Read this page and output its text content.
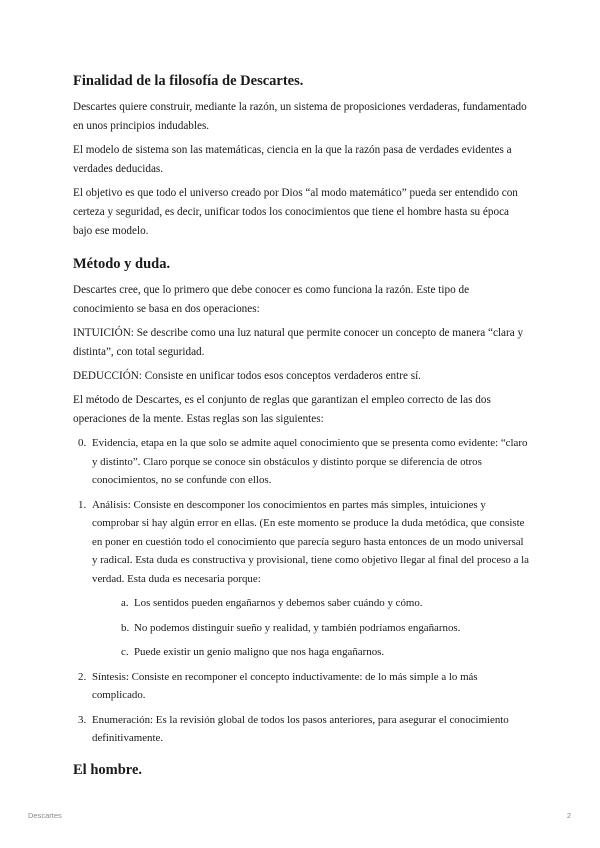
Finalidad de la filosofía de Descartes.

Descartes quiere construir, mediante la razón, un sistema de proposiciones verdaderas, fundamentado en unos principios indudables.

El modelo de sistema son las matemáticas, ciencia en la que la razón pasa de verdades evidentes a verdades deducidas.

El objetivo es que todo el universo creado por Dios “al modo matemático” pueda ser entendido con certeza y seguridad, es decir, unificar todos los conocimientos que tiene el hombre hasta su época bajo ese modelo.

Método y duda.

Descartes cree, que lo primero que debe conocer es como funciona la razón. Este tipo de conocimiento se basa en dos operaciones:

INTUICIÓN: Se describe como una luz natural que permite conocer un concepto de manera “clara y distinta”, con total seguridad.

DEDUCCIÓN: Consiste en unificar todos esos conceptos verdaderos entre sí.

El método de Descartes, es el conjunto de reglas que garantizan el empleo correcto de las dos operaciones de la mente. Estas reglas son las siguientes:

0. Evidencia, etapa en la que solo se admite aquel conocimiento que se presenta como evidente: “claro y distinto”. Claro porque se conoce sin obstáculos y distinto porque se diferencia de otros conocimientos, no se confunde con ellos.
1. Análisis: Consiste en descomponer los conocimientos en partes más simples, intuiciones y comprobar si hay algún error en ellas. (En este momento se produce la duda metódica, que consiste en poner en cuestión todo el conocimiento que parecía seguro hasta entonces de un modo universal y radical. Esta duda es constructiva y provisional, tiene como objetivo llegar al final del proceso a la verdad. Esta duda es necesaria porque:
a. Los sentidos pueden engañarnos y debemos saber cuándo y cómo.
b. No podemos distinguir sueño y realidad, y también podríamos engañarnos.
c. Puede existir un genio maligno que nos haga engañarnos.
2. Síntesis: Consiste en recomponer el concepto inductivamente: de lo más simple a lo más complicado.
3. Enumeración: Es la revisión global de todos los pasos anteriores, para asegurar el conocimiento definitivamente.
El hombre.
Descartes	2
